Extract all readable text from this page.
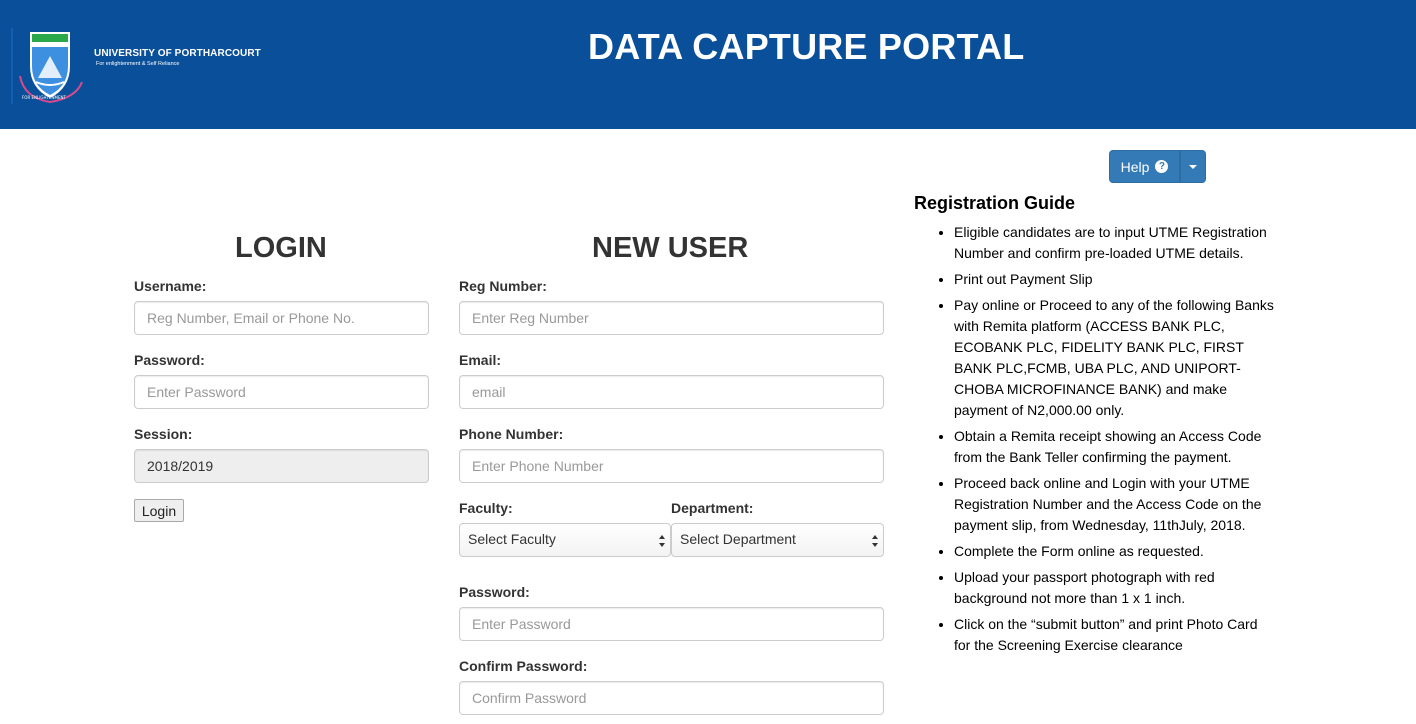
FOR ENLIGHTENMENT
UNIVERSITY OF PORTHARCOURT
For enlightenment & Self Reliance	DATA CAPTURE PORTAL
Help ?
LOGIN
Username:
Reg Number, Email or Phone No.
Password:
Session:
2018/2019
Login
NEW USER
Reg Number:
Enter Reg Number
Email:
email
Phone Number:
Enter Phone Number
Faculty:
Select Faculty
Department:
Select Department
Password:
Confirm Password:
Registration Guide
• Eligible candidates are to input UTME Registration Number and confirm pre-loaded UTME details.
• Print out Payment Slip
• Pay online or Proceed to any of the following Banks with Remita platform (ACCESS BANK PLC, ECOBANK PLC, FIDELITY BANK PLC, FIRST BANK PLC,FCMB, UBA PLC, AND UNIPORT-CHOBA MICROFINANCE BANK) and make payment of N2,000.00 only.
• Obtain a Remita receipt showing an Access Code from the Bank Teller confirming the payment.
• Proceed back online and Login with your UTME Registration Number and the Access Code on the payment slip, from Wednesday, 11thJuly, 2018.
• Complete the Form online as requested.
• Upload your passport photograph with red background not more than 1 x 1 inch.
• Click on the “submit button” and print Photo Card for the Screening Exercise clearance
